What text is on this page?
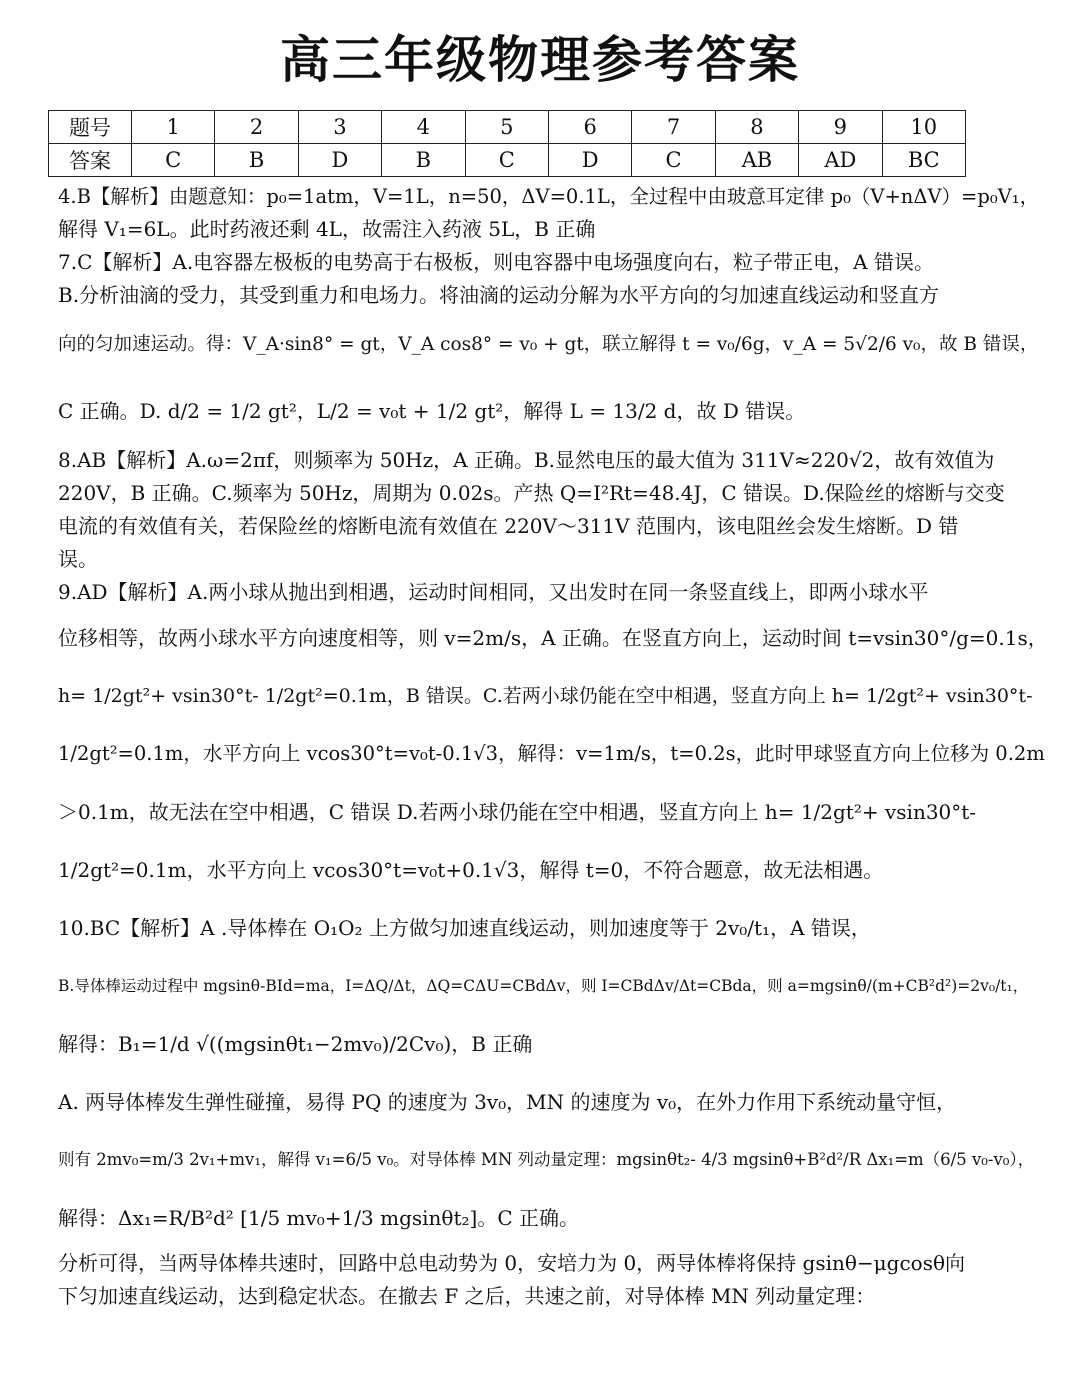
高三年级物理参考答案
题号	1	2	3	4	5	6	7	8	9	10
答案	C	B	D	B	C	D	C	AB	AD	BC
4.B【解析】由题意知：p₀=1atm，V=1L，n=50，ΔV=0.1L，全过程中由玻意耳定律 p₀（V+nΔV）=p₀V₁，
解得 V₁=6L。此时药液还剩 4L，故需注入药液 5L，B 正确
7.C【解析】A.电容器左极板的电势高于右极板，则电容器中电场强度向右，粒子带正电，A 错误。
B.分析油滴的受力，其受到重力和电场力。将油滴的运动分解为水平方向的匀加速直线运动和竖直方
向的匀加速运动。得：V_A·sin8° = gt，V_A cos8° = v₀ + gt，联立解得 t = v₀/6g，v_A = 5√2/6 v₀，故 B 错误，
C 正确。D. d/2 = 1/2 gt²，L/2 = v₀t + 1/2 gt²，解得 L = 13/2 d，故 D 错误。
8.AB【解析】A.ω=2πf，则频率为 50Hz，A 正确。B.显然电压的最大值为 311V≈220√2，故有效值为
220V，B 正确。C.频率为 50Hz，周期为 0.02s。产热 Q=I²Rt=48.4J，C 错误。D.保险丝的熔断与交变
电流的有效值有关，若保险丝的熔断电流有效值在 220V～311V 范围内，该电阻丝会发生熔断。D 错
误。
9.AD【解析】A.两小球从抛出到相遇，运动时间相同，又出发时在同一条竖直线上，即两小球水平
位移相等，故两小球水平方向速度相等，则 v=2m/s，A 正确。在竖直方向上，运动时间 t=vsin30°/g=0.1s，
h= 1/2gt²+ vsin30°t- 1/2gt²=0.1m，B 错误。C.若两小球仍能在空中相遇，竖直方向上 h= 1/2gt²+ vsin30°t-
1/2gt²=0.1m，水平方向上 vcos30°t=v₀t-0.1√3，解得：v=1m/s，t=0.2s，此时甲球竖直方向上位移为 0.2m
＞0.1m，故无法在空中相遇，C 错误 D.若两小球仍能在空中相遇，竖直方向上 h= 1/2gt²+ vsin30°t-
1/2gt²=0.1m，水平方向上 vcos30°t=v₀t+0.1√3，解得 t=0，不符合题意，故无法相遇。
10.BC【解析】A .导体棒在 O₁O₂ 上方做匀加速直线运动，则加速度等于 2v₀/t₁，A 错误，
B.导体棒运动过程中 mgsinθ-BId=ma，I=ΔQ/Δt，ΔQ=CΔU=CBdΔv，则 I=CBdΔv/Δt=CBda，则 a=mgsinθ/(m+CB²d²)=2v₀/t₁，
解得：B₁=1/d √((mgsinθt₁−2mv₀)/2Cv₀)，B 正确
A. 两导体棒发生弹性碰撞，易得 PQ 的速度为 3v₀，MN 的速度为 v₀，在外力作用下系统动量守恒，
则有 2mv₀=m/3 2v₁+mv₁，解得 v₁=6/5 v₀。对导体棒 MN 列动量定理：mgsinθt₂- 4/3 mgsinθ+B²d²/R Δx₁=m（6/5 v₀-v₀），
解得：Δx₁=R/B²d² [1/5 mv₀+1/3 mgsinθt₂]。C 正确。
分析可得，当两导体棒共速时，回路中总电动势为 0，安培力为 0，两导体棒将保持 gsinθ−μgcosθ向
下匀加速直线运动，达到稳定状态。在撤去 F 之后，共速之前，对导体棒 MN 列动量定理：
